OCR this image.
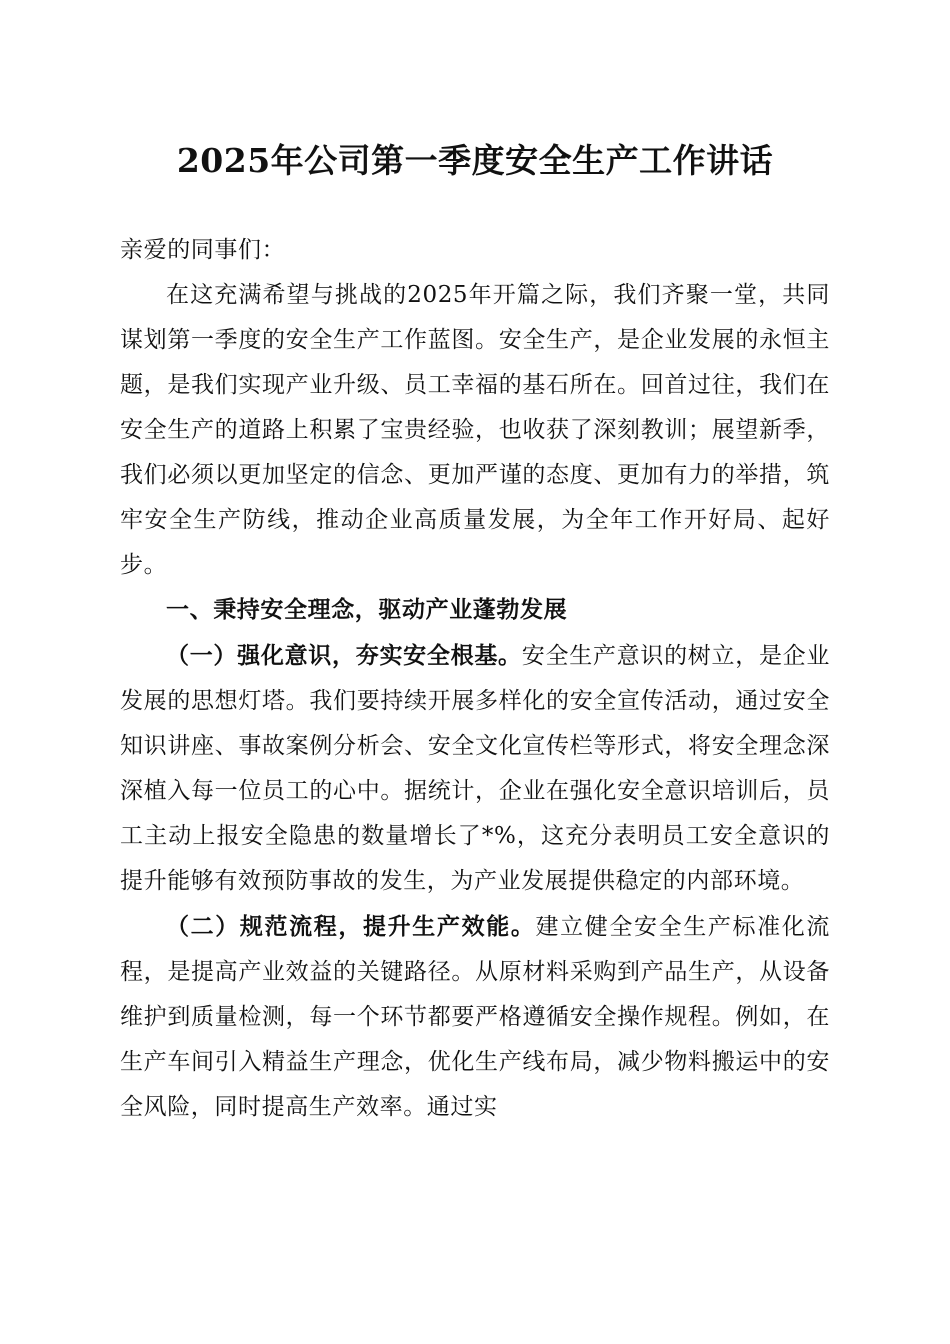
2025年公司第一季度安全生产工作讲话

亲爱的同事们：

在这充满希望与挑战的2025年开篇之际，我们齐聚一堂，共同谋划第一季度的安全生产工作蓝图。安全生产，是企业发展的永恒主题，是我们实现产业升级、员工幸福的基石所在。回首过往，我们在安全生产的道路上积累了宝贵经验，也收获了深刻教训；展望新季，我们必须以更加坚定的信念、更加严谨的态度、更加有力的举措，筑牢安全生产防线，推动企业高质量发展，为全年工作开好局、起好步。

一、秉持安全理念，驱动产业蓬勃发展

（一）强化意识，夯实安全根基。安全生产意识的树立，是企业发展的思想灯塔。我们要持续开展多样化的安全宣传活动，通过安全知识讲座、事故案例分析会、安全文化宣传栏等形式，将安全理念深深植入每一位员工的心中。据统计，企业在强化安全意识培训后，员工主动上报安全隐患的数量增长了*%，这充分表明员工安全意识的提升能够有效预防事故的发生，为产业发展提供稳定的内部环境。

（二）规范流程，提升生产效能。建立健全安全生产标准化流程，是提高产业效益的关键路径。从原材料采购到产品生产，从设备维护到质量检测，每一个环节都要严格遵循安全操作规程。例如，在生产车间引入精益生产理念，优化生产线布局，减少物料搬运中的安全风险，同时提高生产效率。通过实
